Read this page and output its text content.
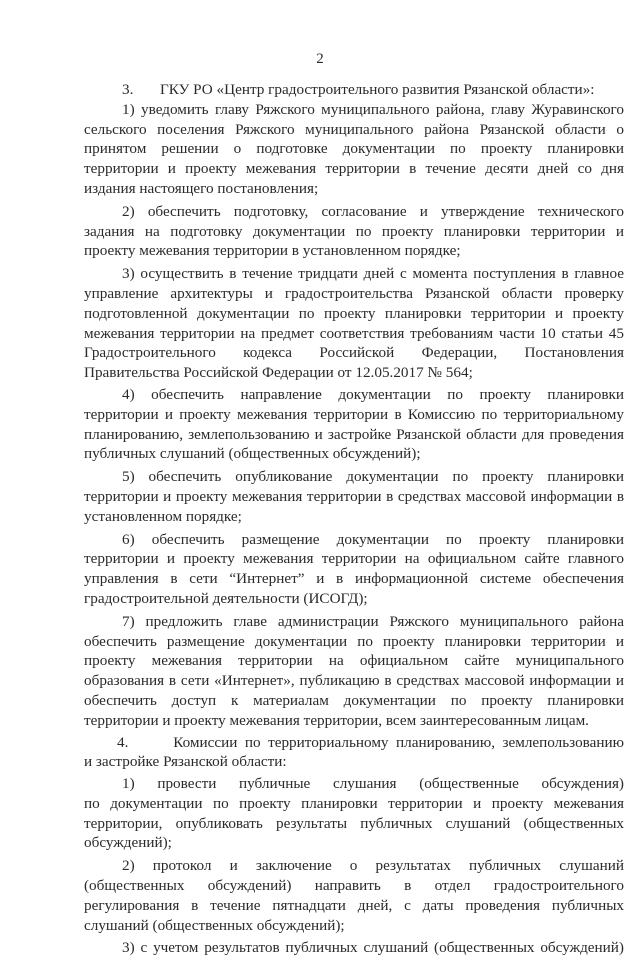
2
3.       ГКУ РО «Центр градостроительного развития Рязанской области»:
1) уведомить главу Ряжского муниципального района, главу Журавинского
сельского поселения Ряжского муниципального района Рязанской области о
принятом решении о подготовке документации по проекту планировки
территории и проекту межевания территории в течение десяти дней со дня
издания настоящего постановления;
2) обеспечить подготовку, согласование и утверждение технического
задания на подготовку документации по проекту планировки территории и
проекту межевания территории в установленном порядке;
3) осуществить в течение тридцати дней с момента поступления в главное
управление архитектуры и градостроительства Рязанской области проверку
подготовленной документации по проекту планировки территории и проекту
межевания территории на предмет соответствия требованиям части 10 статьи 45
Градостроительного кодекса Российской Федерации, Постановления
Правительства Российской Федерации от 12.05.2017 № 564;
4) обеспечить направление документации по проекту планировки
территории и проекту межевания территории в Комиссию по территориальному
планированию, землепользованию и застройке Рязанской области для проведения
публичных слушаний (общественных обсуждений);
5) обеспечить опубликование документации по проекту планировки
территории и проекту межевания территории в средствах массовой информации в
установленном порядке;
6) обеспечить размещение документации по проекту планировки
территории и проекту межевания территории на официальном сайте главного
управления в сети “Интернет” и в информационной системе обеспечения
градостроительной деятельности (ИСОГД);
7) предложить главе администрации Ряжского муниципального района
обеспечить размещение документации по проекту планировки территории и
проекту межевания территории на официальном сайте муниципального
образования в сети «Интернет», публикацию в средствах массовой информации и
обеспечить доступ к материалам документации по проекту планировки
территории и проекту межевания территории, всем заинтересованным лицам.
4.      Комиссии по территориальному планированию, землепользованию
и застройке Рязанской области:
1) провести публичные слушания (общественные обсуждения)
по документации по проекту планировки территории и проекту межевания
территории, опубликовать результаты публичных слушаний (общественных
обсуждений);
2) протокол и заключение о результатах публичных слушаний
(общественных обсуждений) направить в отдел градостроительного
регулирования в течение пятнадцати дней, с даты проведения публичных
слушаний (общественных обсуждений);
3) с учетом результатов публичных слушаний (общественных обсуждений)
